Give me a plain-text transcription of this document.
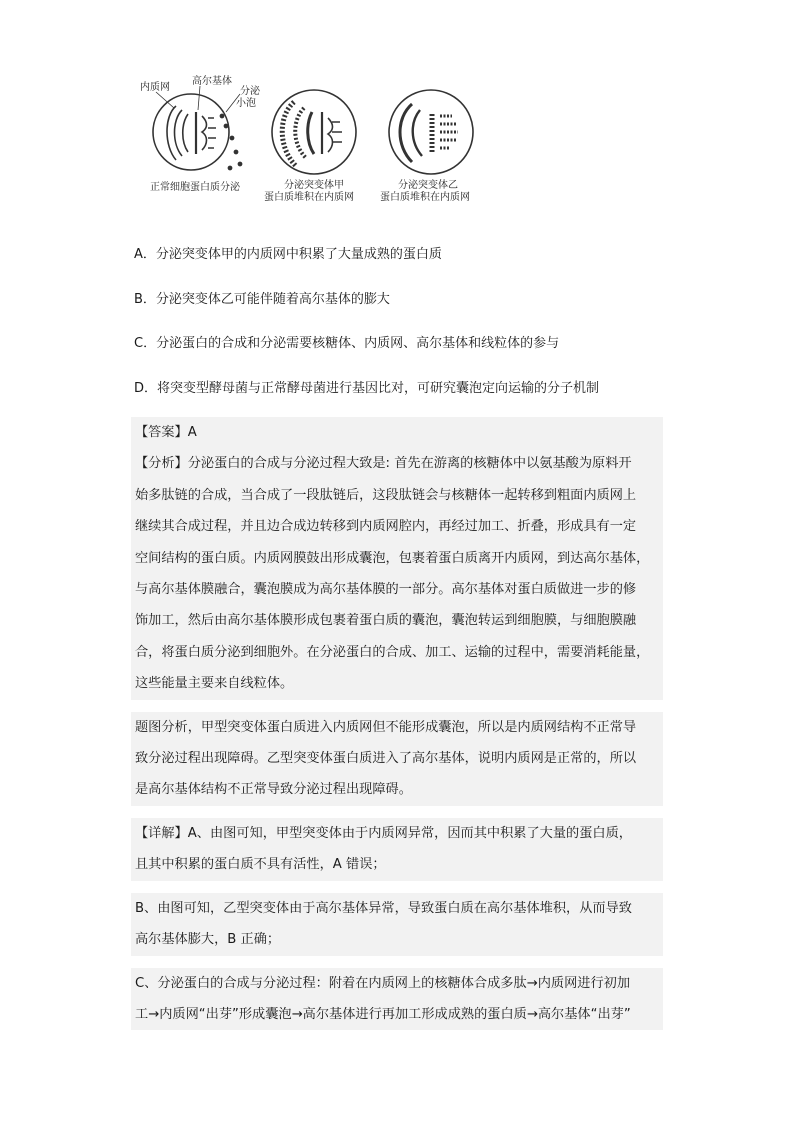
内质网
高尔基体
分泌
小泡
正常细胞蛋白质分泌	分泌突变体甲
蛋白质堆积在内质网
分泌突变体乙
蛋白质堆积在内质网
A．分泌突变体甲的内质网中积累了大量成熟的蛋白质
B．分泌突变体乙可能伴随着高尔基体的膨大
C．分泌蛋白的合成和分泌需要核糖体、内质网、高尔基体和线粒体的参与
D．将突变型酵母菌与正常酵母菌进行基因比对，可研究囊泡定向运输的分子机制
【答案】A
【分析】分泌蛋白的合成与分泌过程大致是: 首先在游离的核糖体中以氨基酸为原料开
始多肽链的合成，当合成了一段肽链后，这段肽链会与核糖体一起转移到粗面内质网上
继续其合成过程，并且边合成边转移到内质网腔内，再经过加工、折叠，形成具有一定
空间结构的蛋白质。内质网膜鼓出形成囊泡，包裹着蛋白质离开内质网，到达高尔基体，
与高尔基体膜融合，囊泡膜成为高尔基体膜的一部分。高尔基体对蛋白质做进一步的修
饰加工，然后由高尔基体膜形成包裹着蛋白质的囊泡，囊泡转运到细胞膜，与细胞膜融
合，将蛋白质分泌到细胞外。在分泌蛋白的合成、加工、运输的过程中，需要消耗能量，
这些能量主要来自线粒体。
题图分析，甲型突变体蛋白质进入内质网但不能形成囊泡，所以是内质网结构不正常导
致分泌过程出现障碍。乙型突变体蛋白质进入了高尔基体，说明内质网是正常的，所以
是高尔基体结构不正常导致分泌过程出现障碍。
【详解】A、由图可知，甲型突变体由于内质网异常，因而其中积累了大量的蛋白质，
且其中积累的蛋白质不具有活性，A 错误；
B、由图可知，乙型突变体由于高尔基体异常，导致蛋白质在高尔基体堆积，从而导致
高尔基体膨大，B 正确；
C、分泌蛋白的合成与分泌过程：附着在内质网上的核糖体合成多肽→内质网进行初加
工→内质网“出芽”形成囊泡→高尔基体进行再加工形成成熟的蛋白质→高尔基体“出芽”
